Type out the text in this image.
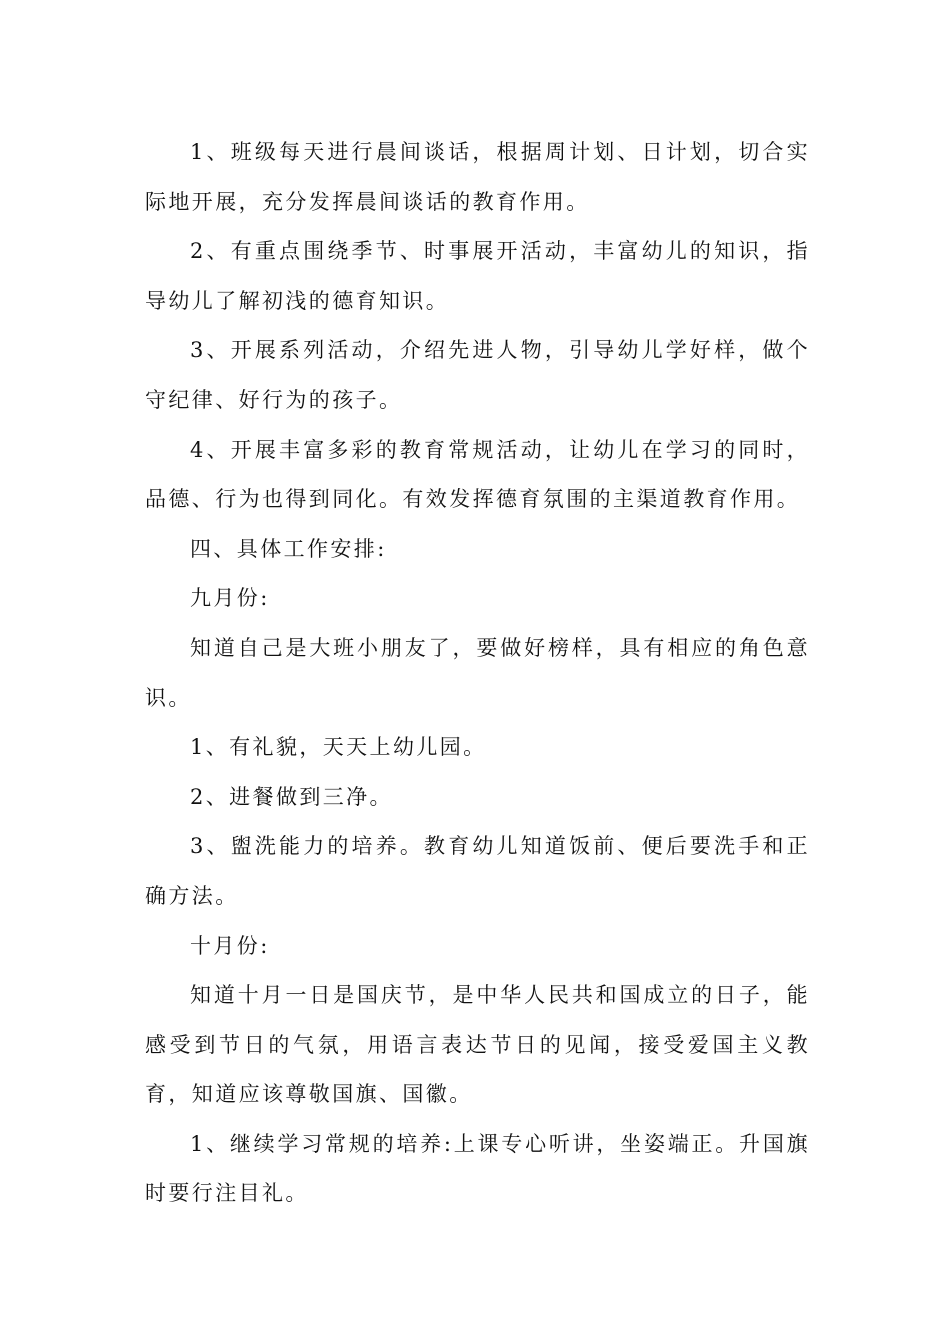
1、班级每天进行晨间谈话，根据周计划、日计划，切合实际地开展，充分发挥晨间谈话的教育作用。

2、有重点围绕季节、时事展开活动，丰富幼儿的知识，指导幼儿了解初浅的德育知识。

3、开展系列活动，介绍先进人物，引导幼儿学好样，做个守纪律、好行为的孩子。

4、开展丰富多彩的教育常规活动，让幼儿在学习的同时，品德、行为也得到同化。有效发挥德育氛围的主渠道教育作用。

四、具体工作安排:

九月份:

知道自己是大班小朋友了，要做好榜样，具有相应的角色意识。

1、有礼貌，天天上幼儿园。

2、进餐做到三净。

3、盥洗能力的培养。教育幼儿知道饭前、便后要洗手和正确方法。

十月份:

知道十月一日是国庆节，是中华人民共和国成立的日子，能感受到节日的气氛，用语言表达节日的见闻，接受爱国主义教育，知道应该尊敬国旗、国徽。

1、继续学习常规的培养:上课专心听讲，坐姿端正。升国旗时要行注目礼。
